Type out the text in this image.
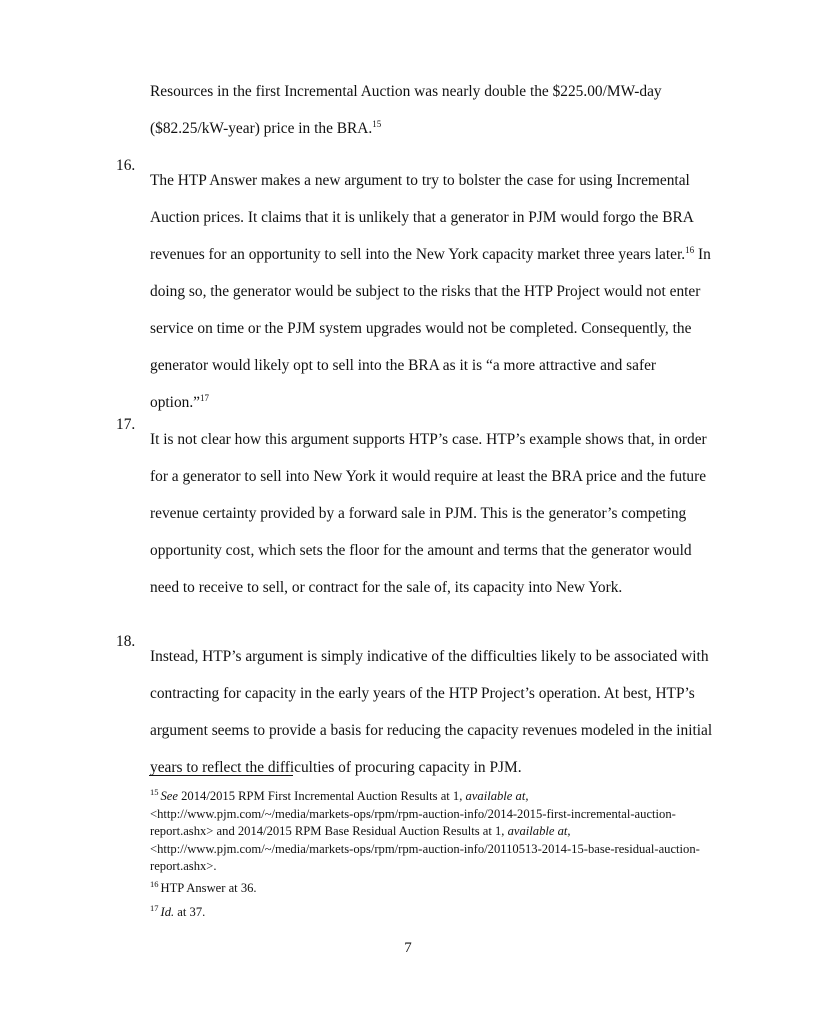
Resources in the first Incremental Auction was nearly double the $225.00/MW-day
($82.25/kW-year) price in the BRA.$^{15}$

16.

The HTP Answer makes a new argument to try to bolster the case for using Incremental Auction prices. It claims that it is unlikely that a generator in PJM would forgo the BRA revenues for an opportunity to sell into the New York capacity market three years later.$^{16}$ In doing so, the generator would be subject to the risks that the HTP Project would not enter service on time or the PJM system upgrades would not be completed. Consequently, the generator would likely opt to sell into the BRA as it is “a more attractive and safer option.”$^{17}$

17.

It is not clear how this argument supports HTP’s case. HTP’s example shows that, in order for a generator to sell into New York it would require at least the BRA price and the future revenue certainty provided by a forward sale in PJM. This is the generator’s competing opportunity cost, which sets the floor for the amount and terms that the generator would need to receive to sell, or contract for the sale of, its capacity into New York.

18.

Instead, HTP’s argument is simply indicative of the difficulties likely to be associated with contracting for capacity in the early years of the HTP Project’s operation. At best, HTP’s argument seems to provide a basis for reducing the capacity revenues modeled in the initial years to reflect the difficulties of procuring capacity in PJM.

$^{15}$ See 2014/2015 RPM First Incremental Auction Results at 1, available at, <http://www.pjm.com/~/media/markets-ops/rpm/rpm-auction-info/2014-2015-first-incremental-auction-report.ashx> and 2014/2015 RPM Base Residual Auction Results at 1, available at, <http://www.pjm.com/~/media/markets-ops/rpm/rpm-auction-info/20110513-2014-15-base-residual-auction-report.ashx>.

$^{16}$ HTP Answer at 36.

$^{17}$ Id. at 37.

7
